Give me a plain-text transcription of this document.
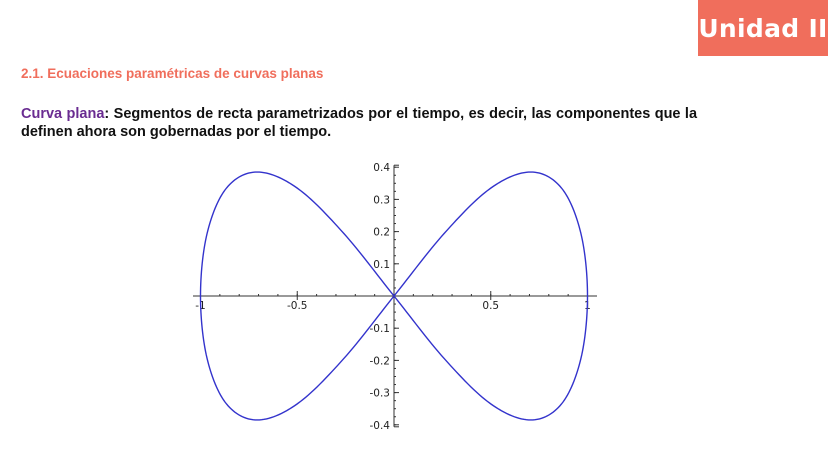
Unidad II
2.1. Ecuaciones paramétricas de curvas planas

Curva plana: Segmentos de recta parametrizados por el tiempo, es decir, las componentes que la definen ahora son gobernadas por el tiempo.

-1	-0.5	0.5	1
0.4
0.3
0.2
0.1
-0.1
-0.2
-0.3
-0.4
